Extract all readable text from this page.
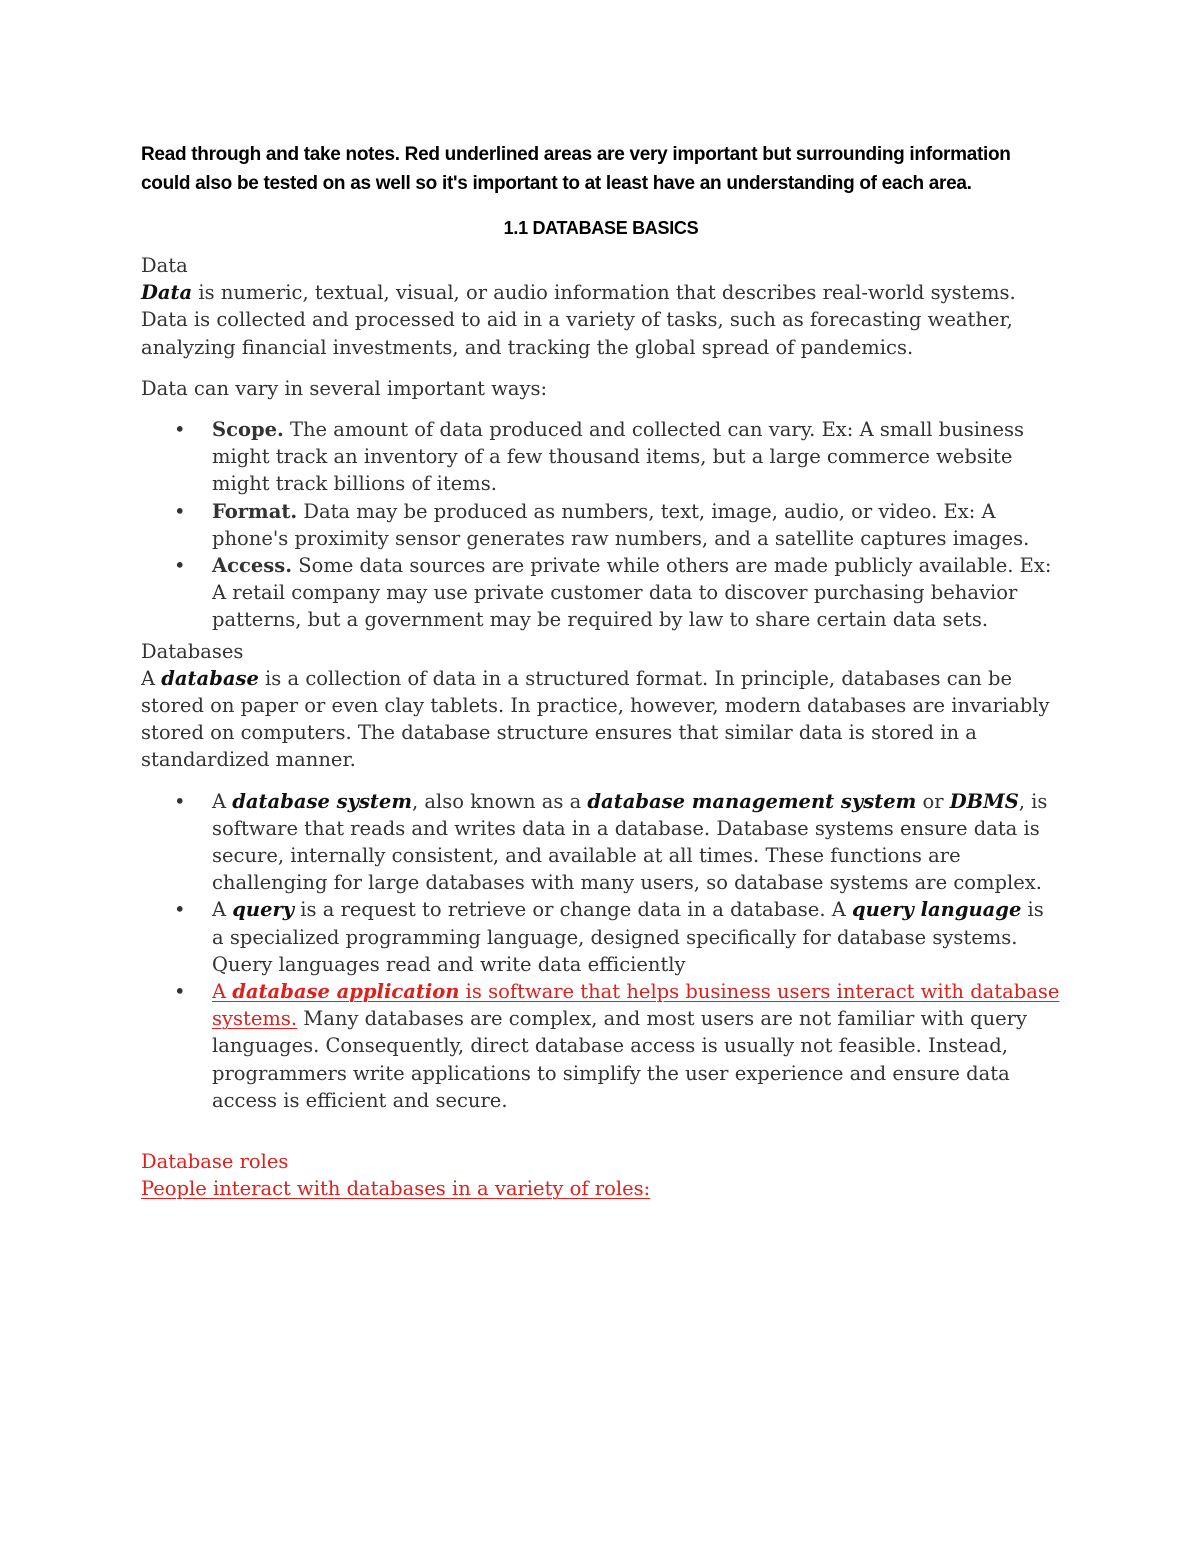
Read through and take notes. Red underlined areas are very important but surrounding information
could also be tested on as well so it's important to at least have an understanding of each area.

1.1 DATABASE BASICS

Data

Data is numeric, textual, visual, or audio information that describes real-world systems. Data is collected and processed to aid in a variety of tasks, such as forecasting weather, analyzing financial investments, and tracking the global spread of pandemics.

Data can vary in several important ways:

• Scope. The amount of data produced and collected can vary. Ex: A small business might track an inventory of a few thousand items, but a large commerce website might track billions of items.
• Format. Data may be produced as numbers, text, image, audio, or video. Ex: A phone's proximity sensor generates raw numbers, and a satellite captures images.
• Access. Some data sources are private while others are made publicly available. Ex: A retail company may use private customer data to discover purchasing behavior patterns, but a government may be required by law to share certain data sets.

Databases

A database is a collection of data in a structured format. In principle, databases can be stored on paper or even clay tablets. In practice, however, modern databases are invariably stored on computers. The database structure ensures that similar data is stored in a standardized manner.

• A database system, also known as a database management system or DBMS, is software that reads and writes data in a database. Database systems ensure data is secure, internally consistent, and available at all times. These functions are challenging for large databases with many users, so database systems are complex.
• A query is a request to retrieve or change data in a database. A query language is a specialized programming language, designed specifically for database systems. Query languages read and write data efficiently
• A database application is software that helps business users interact with database systems. Many databases are complex, and most users are not familiar with query languages. Consequently, direct database access is usually not feasible. Instead, programmers write applications to simplify the user experience and ensure data access is efficient and secure.
Database roles
People interact with databases in a variety of roles:
